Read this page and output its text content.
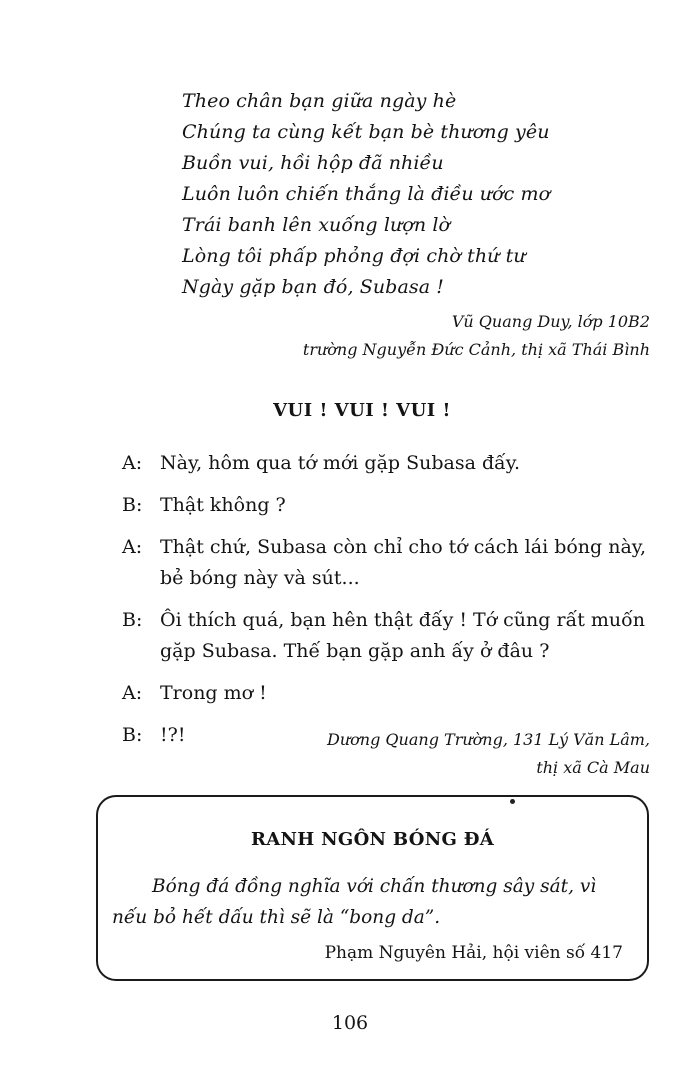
Theo chân bạn giữa ngày hè
Chúng ta cùng kết bạn bè thương yêu
Buồn vui, hồi hộp đã nhiều
Luôn luôn chiến thắng là điều ước mơ
Trái banh lên xuống lượn lờ
Lòng tôi phấp phỏng đợi chờ thứ tư
Ngày gặp bạn đó, Subasa !
Vũ Quang Duy, lớp 10B2
trường Nguyễn Đức Cảnh, thị xã Thái Bình
VUI ! VUI ! VUI !
A: Này, hôm qua tớ mới gặp Subasa đấy.
B: Thật không ?
A: Thật chứ, Subasa còn chỉ cho tớ cách lái bóng này, bẻ bóng này và sút...
B: Ôi thích quá, bạn hên thật đấy ! Tớ cũng rất muốn gặp Subasa. Thế bạn gặp anh ấy ở đâu ?
A: Trong mơ !
B: !?!	Dương Quang Trường, 131 Lý Văn Lâm,
thị xã Cà Mau
RANH NGÔN BÓNG ĐÁ
Bóng đá đồng nghĩa với chấn thương sây sát, vì nếu bỏ hết dấu thì sẽ là “bong da”.
Phạm Nguyên Hải, hội viên số 417
106
